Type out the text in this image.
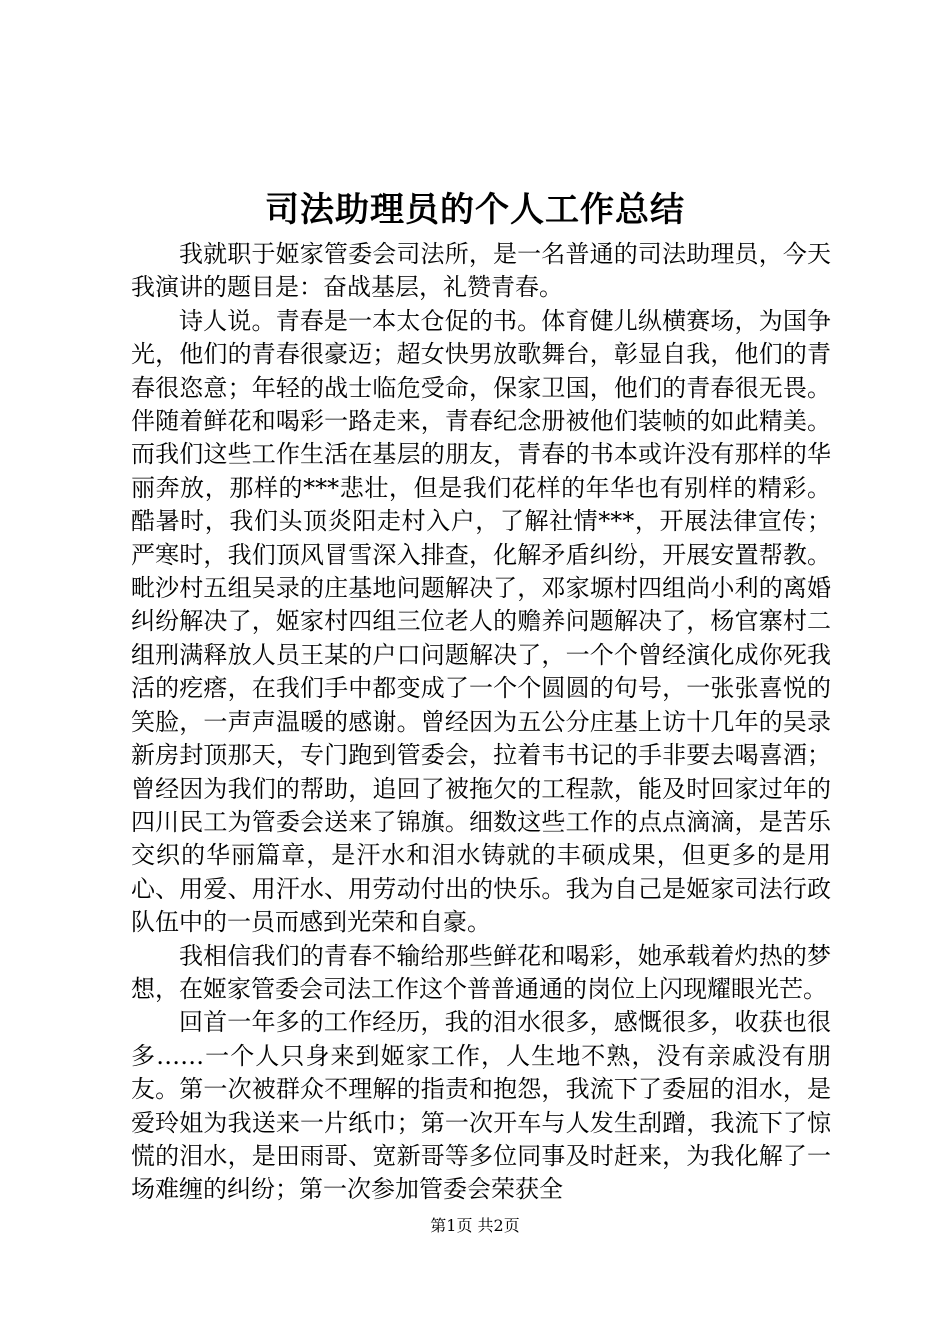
司法助理员的个人工作总结

我就职于姬家管委会司法所，是一名普通的司法助理员，今天我演讲的题目是：奋战基层，礼赞青春。

诗人说。青春是一本太仓促的书。体育健儿纵横赛场，为国争光，他们的青春很豪迈；超女快男放歌舞台，彰显自我，他们的青春很恣意；年轻的战士临危受命，保家卫国，他们的青春很无畏。伴随着鲜花和喝彩一路走来，青春纪念册被他们装帧的如此精美。而我们这些工作生活在基层的朋友，青春的书本或许没有那样的华丽奔放，那样的***悲壮，但是我们花样的年华也有别样的精彩。酷暑时，我们头顶炎阳走村入户，了解社情***，开展法律宣传；严寒时，我们顶风冒雪深入排查，化解矛盾纠纷，开展安置帮教。毗沙村五组吴录的庄基地问题解决了，邓家塬村四组尚小利的离婚纠纷解决了，姬家村四组三位老人的赡养问题解决了，杨官寨村二组刑满释放人员王某的户口问题解决了，一个个曾经演化成你死我活的疙瘩，在我们手中都变成了一个个圆圆的句号，一张张喜悦的笑脸，一声声温暖的感谢。曾经因为五公分庄基上访十几年的吴录新房封顶那天，专门跑到管委会，拉着韦书记的手非要去喝喜酒；曾经因为我们的帮助，追回了被拖欠的工程款，能及时回家过年的四川民工为管委会送来了锦旗。细数这些工作的点点滴滴，是苦乐交织的华丽篇章，是汗水和泪水铸就的丰硕成果，但更多的是用心、用爱、用汗水、用劳动付出的快乐。我为自己是姬家司法行政队伍中的一员而感到光荣和自豪。

我相信我们的青春不输给那些鲜花和喝彩，她承载着灼热的梦想，在姬家管委会司法工作这个普普通通的岗位上闪现耀眼光芒。

回首一年多的工作经历，我的泪水很多，感慨很多，收获也很多……一个人只身来到姬家工作，人生地不熟，没有亲戚没有朋友。第一次被群众不理解的指责和抱怨，我流下了委屈的泪水，是爱玲姐为我送来一片纸巾；第一次开车与人发生刮蹭，我流下了惊慌的泪水，是田雨哥、宽新哥等多位同事及时赶来，为我化解了一场难缠的纠纷；第一次参加管委会荣获全

第1页 共2页
